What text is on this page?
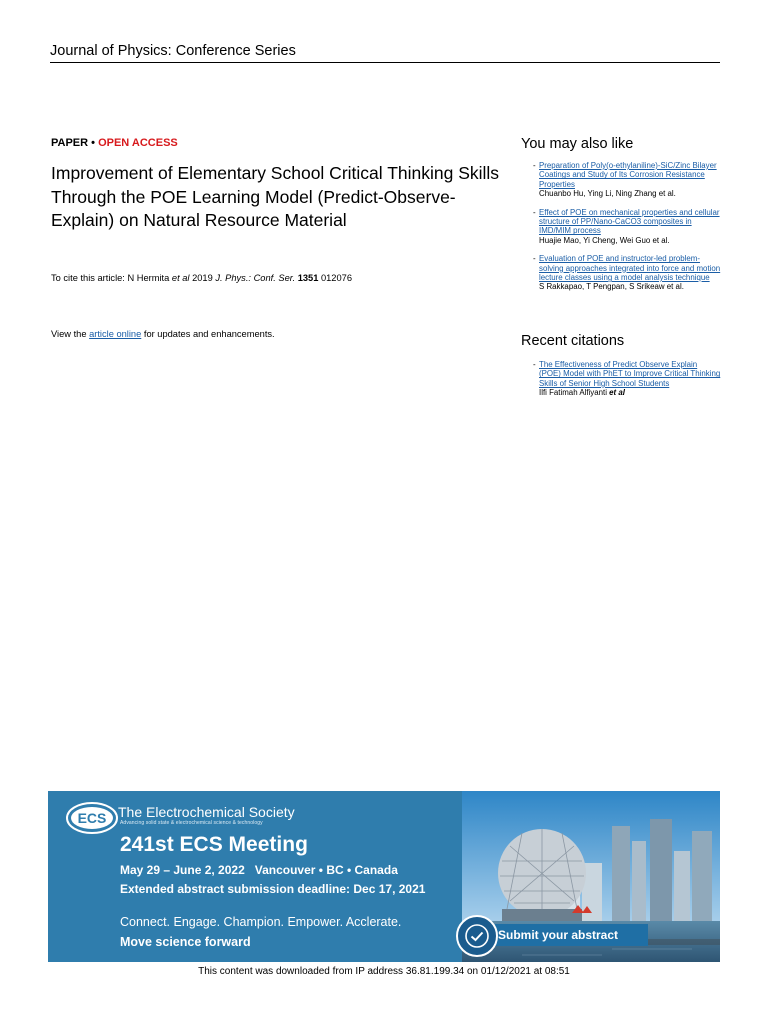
Journal of Physics: Conference Series
PAPER • OPEN ACCESS
Improvement of Elementary School Critical Thinking Skills Through the POE Learning Model (Predict-Observe-Explain) on Natural Resource Material
To cite this article: N Hermita et al 2019 J. Phys.: Conf. Ser. 1351 012076
View the article online for updates and enhancements.
You may also like
- Preparation of Poly(o-ethylaniline)-SiC/Zinc Bilayer Coatings and Study of Its Corrosion Resistance Properties
Chuanbo Hu, Ying Li, Ning Zhang et al.
- Effect of POE on mechanical properties and cellular structure of PP/Nano-CaCO3 composites in IMD/MIM process
Huajie Mao, Yi Cheng, Wei Guo et al.
- Evaluation of POE and instructor-led problem-solving approaches integrated into force and motion lecture classes using a model analysis technique
S Rakkapao, T Pengpan, S Srikeaw et al.
Recent citations
- The Effectiveness of Predict Observe Explain (POE) Model with PhET to Improve Critical Thinking Skills of Senior High School Students
Ilfi Fatimah Alfiyanti et al
ECS The Electrochemical Society
Advancing solid state & electrochemical science & technology
241st ECS Meeting
May 29 – June 2, 2022   Vancouver • BC • Canada
Extended abstract submission deadline: Dec 17, 2021
Connect. Engage. Champion. Empower. Acclerate.
Move science forward	Submit your abstract
This content was downloaded from IP address 36.81.199.34 on 01/12/2021 at 08:51
